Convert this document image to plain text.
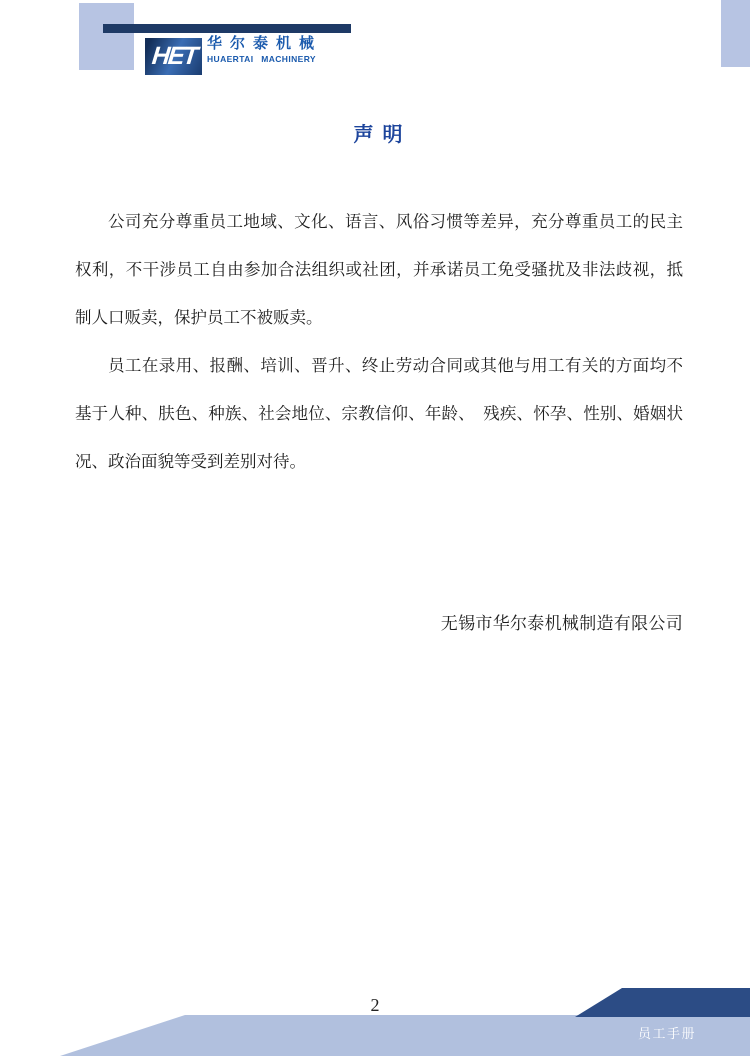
HET 华尔泰机械
HUAERTAI MACHINERY
声 明

公司充分尊重员工地域、文化、语言、风俗习惯等差异，充分尊重员工的民主权利，不干涉员工自由参加合法组织或社团，并承诺员工免受骚扰及非法歧视，抵制人口贩卖，保护员工不被贩卖。

员工在录用、报酬、培训、晋升、终止劳动合同或其他与用工有关的方面均不基于人种、肤色、种族、社会地位、宗教信仰、年龄、　残疾、怀孕、性别、婚姻状况、政治面貌等受到差别对待。

无锡市华尔泰机械制造有限公司
2
员工手册
